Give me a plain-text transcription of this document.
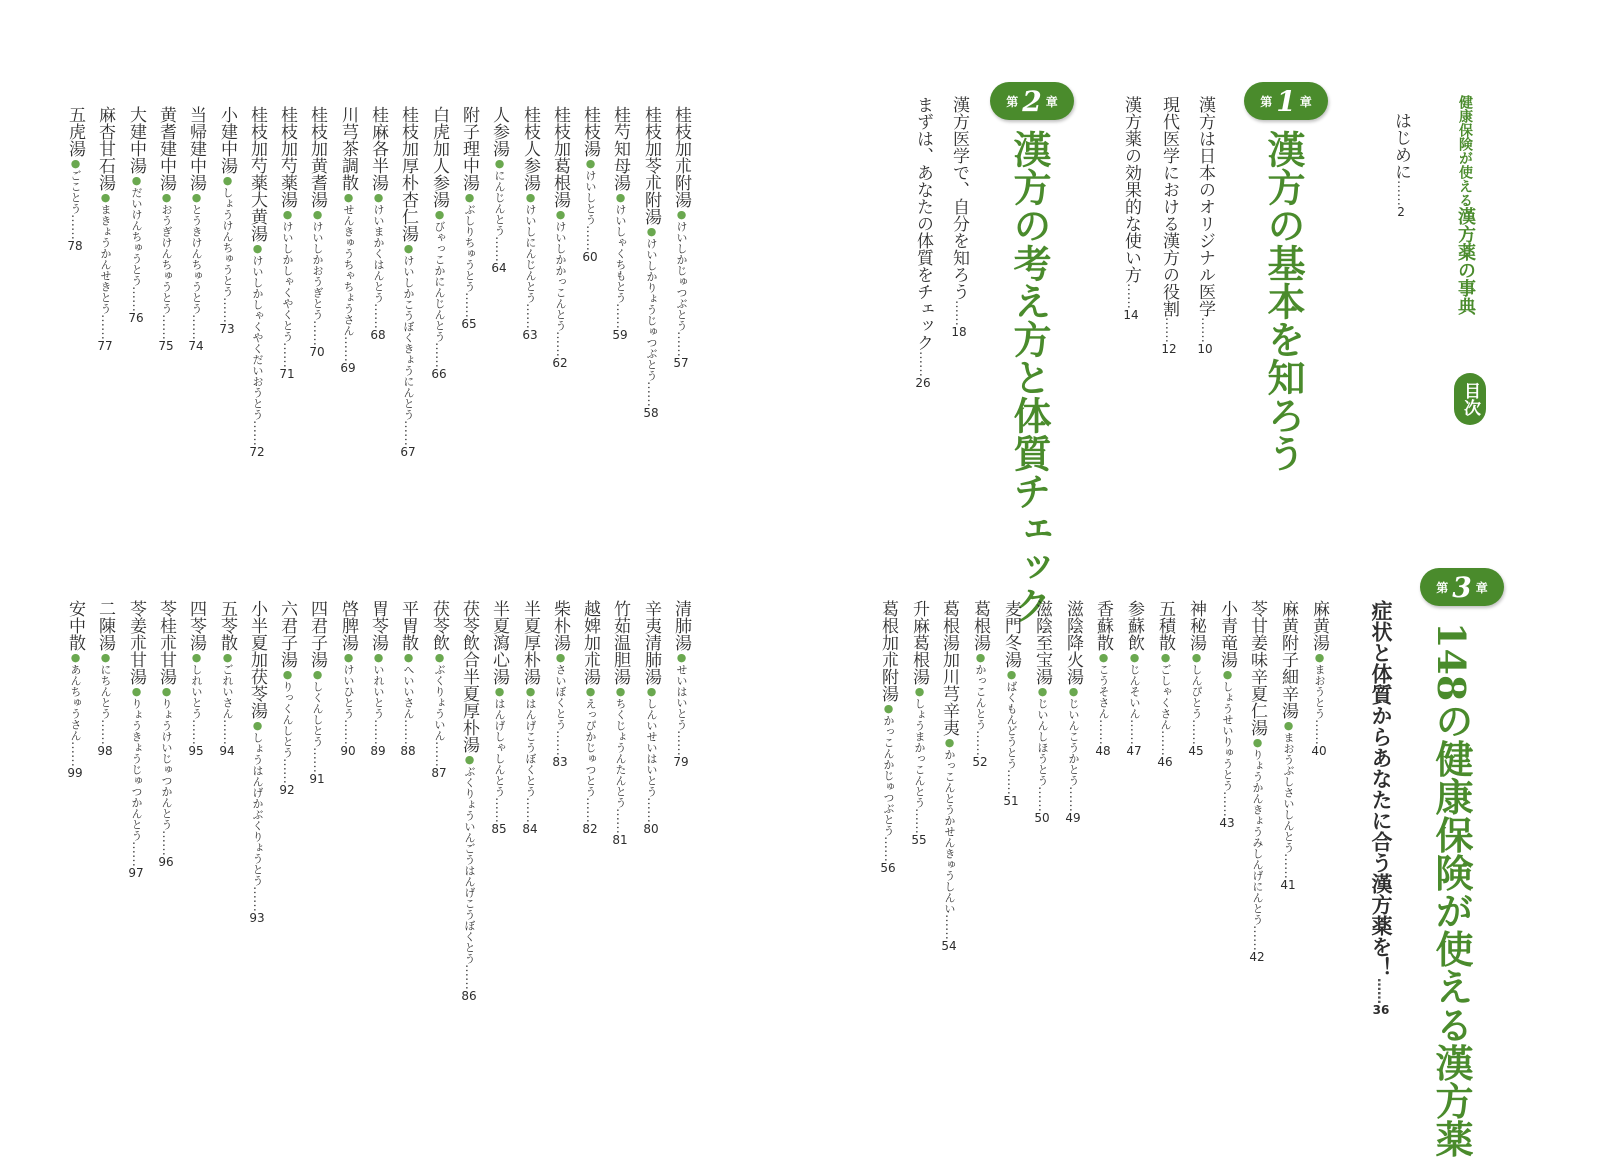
健康保険が使える漢方薬の事典
目次
はじめに……2
第 1 章
漢方の基本を知ろう
漢方は日本のオリジナル医学……10
現代医学における漢方の役割……12
漢方薬の効果的な使い方……14
第 2 章
漢方の考え方と体質チェック
漢方医学で、自分を知ろう……18
まずは、あなたの体質をチェック……26
第 3 章
148の健康保険が使える漢方薬
症状と体質からあなたに合う漢方薬を！……36
麻黄湯●まおうとう……40
麻黄附子細辛湯●まおうぶしさいしんとう……41
苓甘姜味辛夏仁湯●りょうかんきょうみしんげにんとう……42
小青竜湯●しょうせいりゅうとう……43
神秘湯●しんぴとう……45
五積散●ごしゃくさん……46
参蘇飲●じんそいん……47
香蘇散●こうそさん……48
滋陰降火湯●じいんこうかとう……49
滋陰至宝湯●じいんしほうとう……50
麦門冬湯●ばくもんどうとう……51
葛根湯●かっこんとう……52
葛根湯加川芎辛夷●かっこんとうかせんきゅうしんい……54
升麻葛根湯●しょうまかっこんとう……55
葛根加朮附湯●かっこんかじゅつぶとう……56
桂枝加朮附湯●けいしかじゅつぶとう……57
桂枝加苓朮附湯●けいしかりょうじゅつぶとう……58
桂芍知母湯●けいしゃくちもとう……59
桂枝湯●けいしとう……60
桂枝加葛根湯●けいしかかっこんとう……62
桂枝人参湯●けいしにんじんとう……63
人参湯●にんじんとう……64
附子理中湯●ぶしりちゅうとう……65
白虎加人参湯●びゃっこかにんじんとう……66
桂枝加厚朴杏仁湯●けいしかこうぼくきょうにんとう……67
桂麻各半湯●けいまかくはんとう……68
川芎茶調散●せんきゅうちゃちょうさん……69
桂枝加黄耆湯●けいしかおうぎとう……70
桂枝加芍薬湯●けいしかしゃくやくとう……71
桂枝加芍薬大黄湯●けいしかしゃくやくだいおうとう……72
小建中湯●しょうけんちゅうとう……73
当帰建中湯●とうきけんちゅうとう……74
黄耆建中湯●おうぎけんちゅうとう……75
大建中湯●だいけんちゅうとう……76
麻杏甘石湯●まきょうかんせきとう……77
五虎湯●ごことう……78
清肺湯●せいはいとう……79
辛夷清肺湯●しんいせいはいとう……80
竹茹温胆湯●ちくじょうんたんとう……81
越婢加朮湯●えっぴかじゅつとう……82
柴朴湯●さいぼくとう……83
半夏厚朴湯●はんげこうぼくとう……84
半夏瀉心湯●はんげしゃしんとう……85
茯苓飲合半夏厚朴湯●ぶくりょういんごうはんげこうぼくとう……86
茯苓飲●ぶくりょういん……87
平胃散●へいいさん……88
胃苓湯●いれいとう……89
啓脾湯●けいひとう……90
四君子湯●しくんしとう……91
六君子湯●りっくんしとう……92
小半夏加茯苓湯●しょうはんげかぶくりょうとう……93
五苓散●ごれいさん……94
四苓湯●しれいとう……95
苓桂朮甘湯●りょうけいじゅつかんとう……96
苓姜朮甘湯●りょうきょうじゅつかんとう……97
二陳湯●にちんとう……98
安中散●あんちゅうさん……99
